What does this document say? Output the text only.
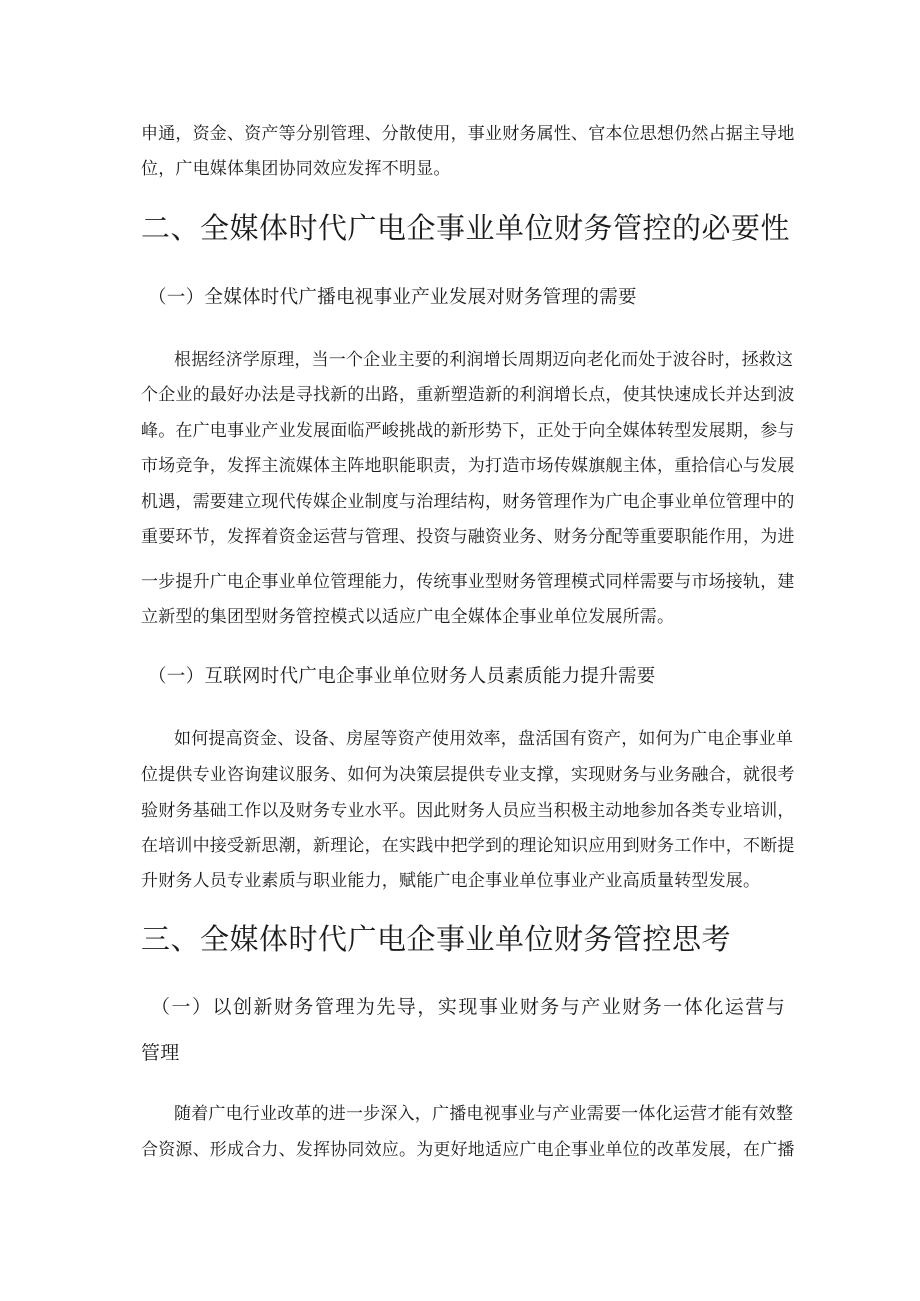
申通，资金、资产等分别管理、分散使用，事业财务属性、官本位思想仍然占据主导地
位，广电媒体集团协同效应发挥不明显。
二、全媒体时代广电企事业单位财务管控的必要性
（一）全媒体时代广播电视事业产业发展对财务管理的需要
根据经济学原理，当一个企业主要的利润增长周期迈向老化而处于波谷时，拯救这
个企业的最好办法是寻找新的出路，重新塑造新的利润增长点，使其快速成长并达到波
峰。在广电事业产业发展面临严峻挑战的新形势下，正处于向全媒体转型发展期，参与
市场竞争，发挥主流媒体主阵地职能职责，为打造市场传媒旗舰主体，重拾信心与发展
机遇，需要建立现代传媒企业制度与治理结构，财务管理作为广电企事业单位管理中的
重要环节，发挥着资金运营与管理、投资与融资业务、财务分配等重要职能作用，为进
一步提升广电企事业单位管理能力，传统事业型财务管理模式同样需要与市场接轨，建
立新型的集团型财务管控模式以适应广电全媒体企事业单位发展所需。
（一）互联网时代广电企事业单位财务人员素质能力提升需要
如何提高资金、设备、房屋等资产使用效率，盘活国有资产，如何为广电企事业单
位提供专业咨询建议服务、如何为决策层提供专业支撑，实现财务与业务融合，就很考
验财务基础工作以及财务专业水平。因此财务人员应当积极主动地参加各类专业培训，
在培训中接受新思潮，新理论，在实践中把学到的理论知识应用到财务工作中，不断提
升财务人员专业素质与职业能力，赋能广电企事业单位事业产业高质量转型发展。
三、全媒体时代广电企事业单位财务管控思考
（一）以创新财务管理为先导，实现事业财务与产业财务一体化运营与
管理
随着广电行业改革的进一步深入，广播电视事业与产业需要一体化运营才能有效整
合资源、形成合力、发挥协同效应。为更好地适应广电企事业单位的改革发展，在广播
